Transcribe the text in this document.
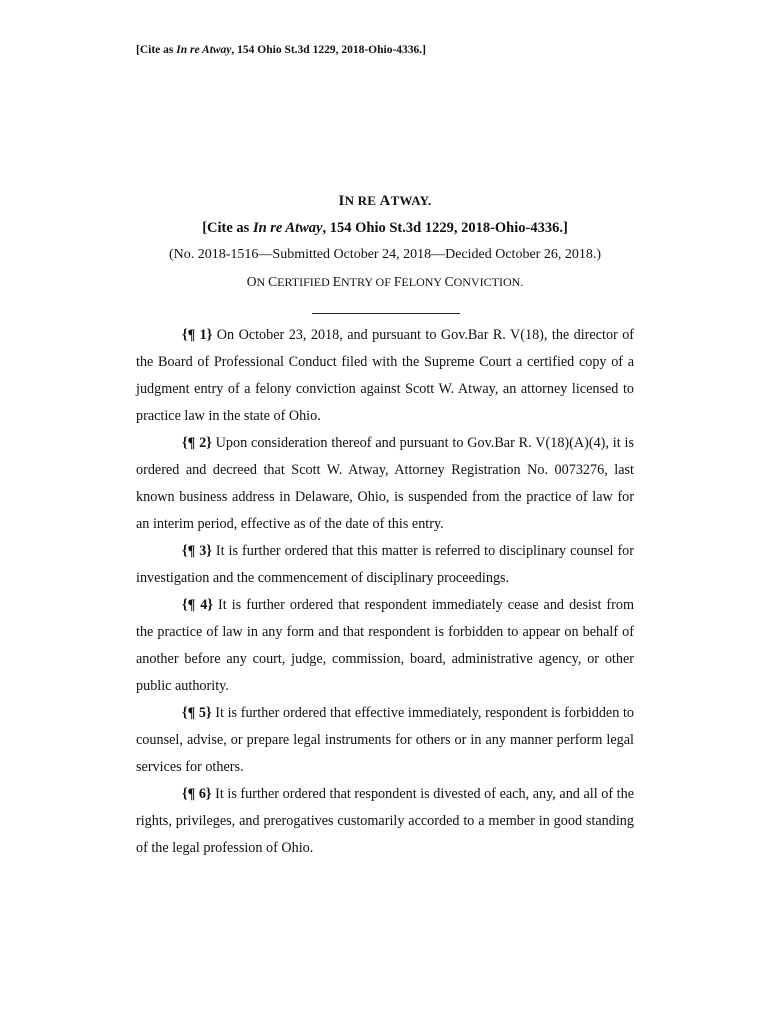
[Cite as In re Atway, 154 Ohio St.3d 1229, 2018-Ohio-4336.]
IN RE ATWAY.
[Cite as In re Atway, 154 Ohio St.3d 1229, 2018-Ohio-4336.]
(No. 2018-1516—Submitted October 24, 2018—Decided October 26, 2018.)
ON CERTIFIED ENTRY OF FELONY CONVICTION.

{¶ 1} On October 23, 2018, and pursuant to Gov.Bar R. V(18), the director of the Board of Professional Conduct filed with the Supreme Court a certified copy of a judgment entry of a felony conviction against Scott W. Atway, an attorney licensed to practice law in the state of Ohio.

{¶ 2} Upon consideration thereof and pursuant to Gov.Bar R. V(18)(A)(4), it is ordered and decreed that Scott W. Atway, Attorney Registration No. 0073276, last known business address in Delaware, Ohio, is suspended from the practice of law for an interim period, effective as of the date of this entry.

{¶ 3} It is further ordered that this matter is referred to disciplinary counsel for investigation and the commencement of disciplinary proceedings.

{¶ 4} It is further ordered that respondent immediately cease and desist from the practice of law in any form and that respondent is forbidden to appear on behalf of another before any court, judge, commission, board, administrative agency, or other public authority.

{¶ 5} It is further ordered that effective immediately, respondent is forbidden to counsel, advise, or prepare legal instruments for others or in any manner perform legal services for others.

{¶ 6} It is further ordered that respondent is divested of each, any, and all of the rights, privileges, and prerogatives customarily accorded to a member in good standing of the legal profession of Ohio.
